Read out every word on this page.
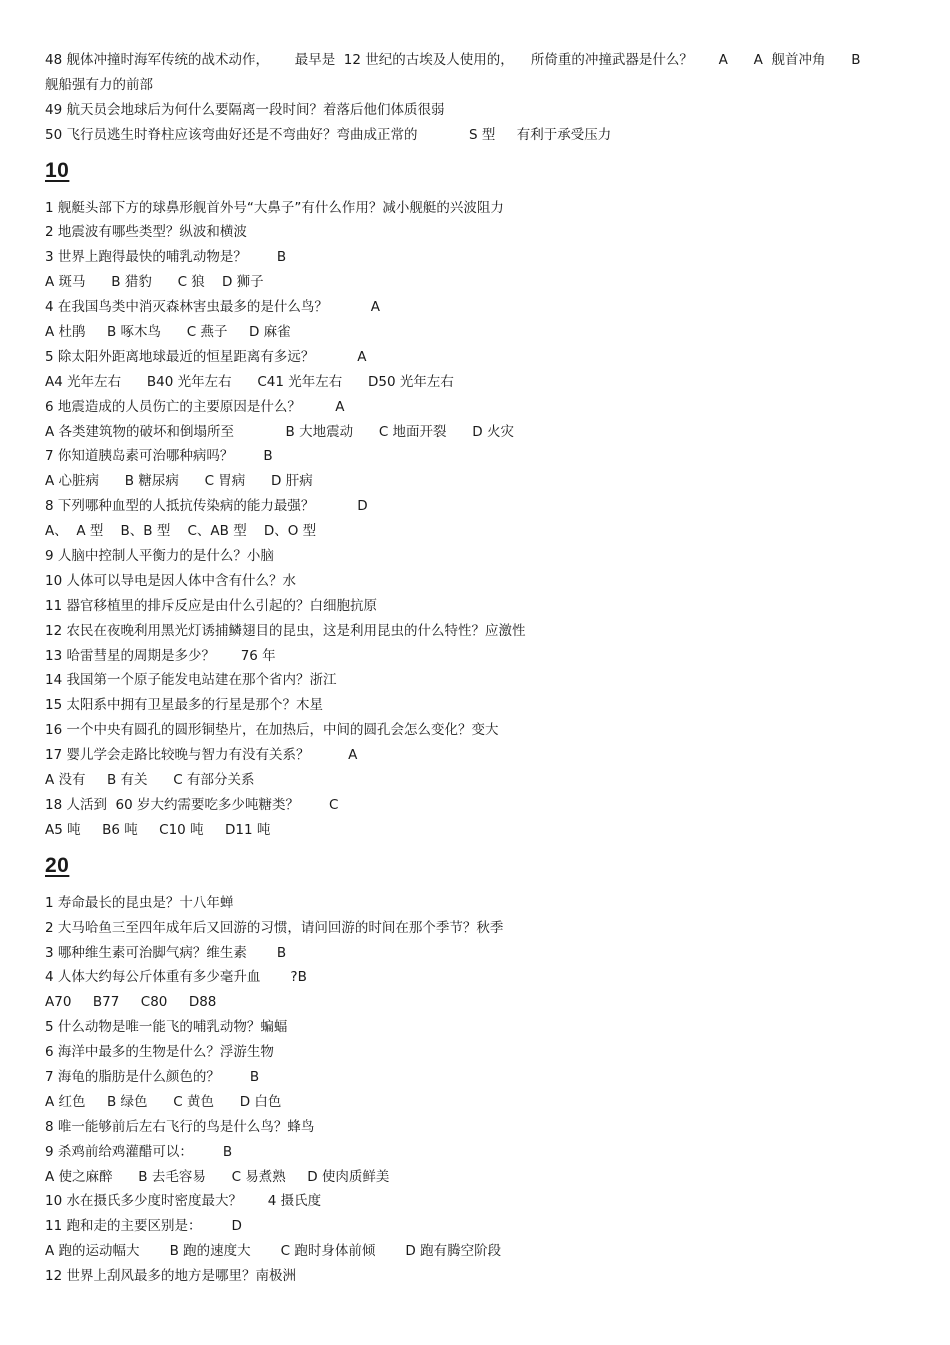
48 舰体冲撞时海军传统的战术动作，      最早是  12 世纪的古埃及人使用的，    所倚重的冲撞武器是什么？      A      A  舰首冲角      B
舰船强有力的前部
49 航天员会地球后为何什么要隔离一段时间？着落后他们体质很弱
50 飞行员逃生时脊柱应该弯曲好还是不弯曲好？弯曲成正常的            S 型     有利于承受压力
10
1 舰艇头部下方的球鼻形舰首外号“大鼻子”有什么作用？减小舰艇的兴波阻力
2 地震波有哪些类型？纵波和横波
3 世界上跑得最快的哺乳动物是？       B
A 斑马      B 猎豹      C 狼    D 狮子
4 在我国鸟类中消灭森林害虫最多的是什么鸟？          A
A 杜鹃     B 啄木鸟      C 燕子     D 麻雀
5 除太阳外距离地球最近的恒星距离有多远？          A
A4 光年左右      B40 光年左右      C41 光年左右      D50 光年左右
6 地震造成的人员伤亡的主要原因是什么？        A
A 各类建筑物的破坏和倒塌所至            B 大地震动      C 地面开裂      D 火灾
7 你知道胰岛素可治哪种病吗？       B
A 心脏病      B 糖尿病      C 胃病      D 肝病
8 下列哪种血型的人抵抗传染病的能力最强？          D
A、  A 型    B、B 型    C、AB 型    D、O 型
9 人脑中控制人平衡力的是什么？小脑
10 人体可以导电是因人体中含有什么？水
11 器官移植里的排斥反应是由什么引起的？白细胞抗原
12 农民在夜晚利用黑光灯诱捕鳞翅目的昆虫，这是利用昆虫的什么特性？应激性
13 哈雷彗星的周期是多少？      76 年
14 我国第一个原子能发电站建在那个省内？浙江
15 太阳系中拥有卫星最多的行星是那个？木星
16 一个中央有圆孔的圆形铜垫片，在加热后，中间的圆孔会怎么变化？变大
17 婴儿学会走路比较晚与智力有没有关系？         A
A 没有     B 有关      C 有部分关系
18 人活到  60 岁大约需要吃多少吨糖类？       C
A5 吨     B6 吨     C10 吨     D11 吨
20
1 寿命最长的昆虫是？十八年蝉
2 大马哈鱼三至四年成年后又回游的习惯，请问回游的时间在那个季节？秋季
3 哪种维生素可治脚气病？维生素       B
4 人体大约每公斤体重有多少毫升血       ?B
A70     B77     C80     D88
5 什么动物是唯一能飞的哺乳动物？蝙蝠
6 海洋中最多的生物是什么？浮游生物
7 海龟的脂肪是什么颜色的？       B
A 红色     B 绿色      C 黄色      D 白色
8 唯一能够前后左右飞行的鸟是什么鸟？蜂鸟
9 杀鸡前给鸡灌醋可以：       B
A 使之麻醉      B 去毛容易      C 易煮熟     D 使肉质鲜美
10 水在摄氏多少度时密度最大？      4 摄氏度
11 跑和走的主要区别是：       D
A 跑的运动幅大       B 跑的速度大       C 跑时身体前倾       D 跑有腾空阶段
12 世界上刮风最多的地方是哪里？南极洲
